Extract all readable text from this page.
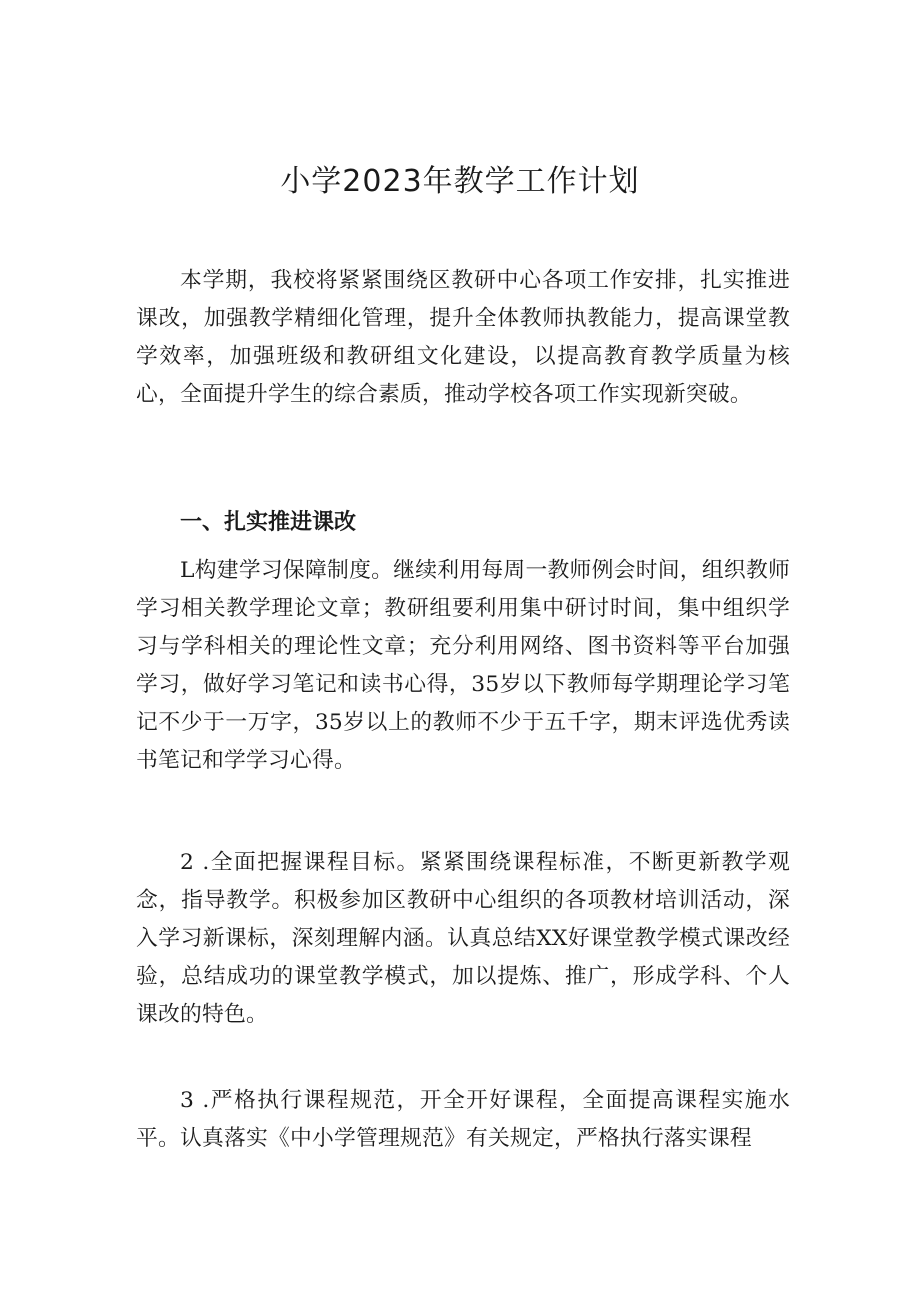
小学2023年教学工作计划

本学期，我校将紧紧围绕区教研中心各项工作安排，扎实推进课改，加强教学精细化管理，提升全体教师执教能力，提高课堂教学效率，加强班级和教研组文化建设，以提高教育教学质量为核心，全面提升学生的综合素质，推动学校各项工作实现新突破。

一、扎实推进课改

L构建学习保障制度。继续利用每周一教师例会时间，组织教师学习相关教学理论文章；教研组要利用集中研讨时间，集中组织学习与学科相关的理论性文章；充分利用网络、图书资料等平台加强学习，做好学习笔记和读书心得，35岁以下教师每学期理论学习笔记不少于一万字，35岁以上的教师不少于五千字，期末评选优秀读书笔记和学学习心得。

2 .全面把握课程目标。紧紧围绕课程标准，不断更新教学观念，指导教学。积极参加区教研中心组织的各项教材培训活动，深入学习新课标，深刻理解内涵。认真总结XX好课堂教学模式课改经验，总结成功的课堂教学模式，加以提炼、推广，形成学科、个人课改的特色。

3 .严格执行课程规范，开全开好课程，全面提高课程实施水平。认真落实《中小学管理规范》有关规定，严格执行落实课程
